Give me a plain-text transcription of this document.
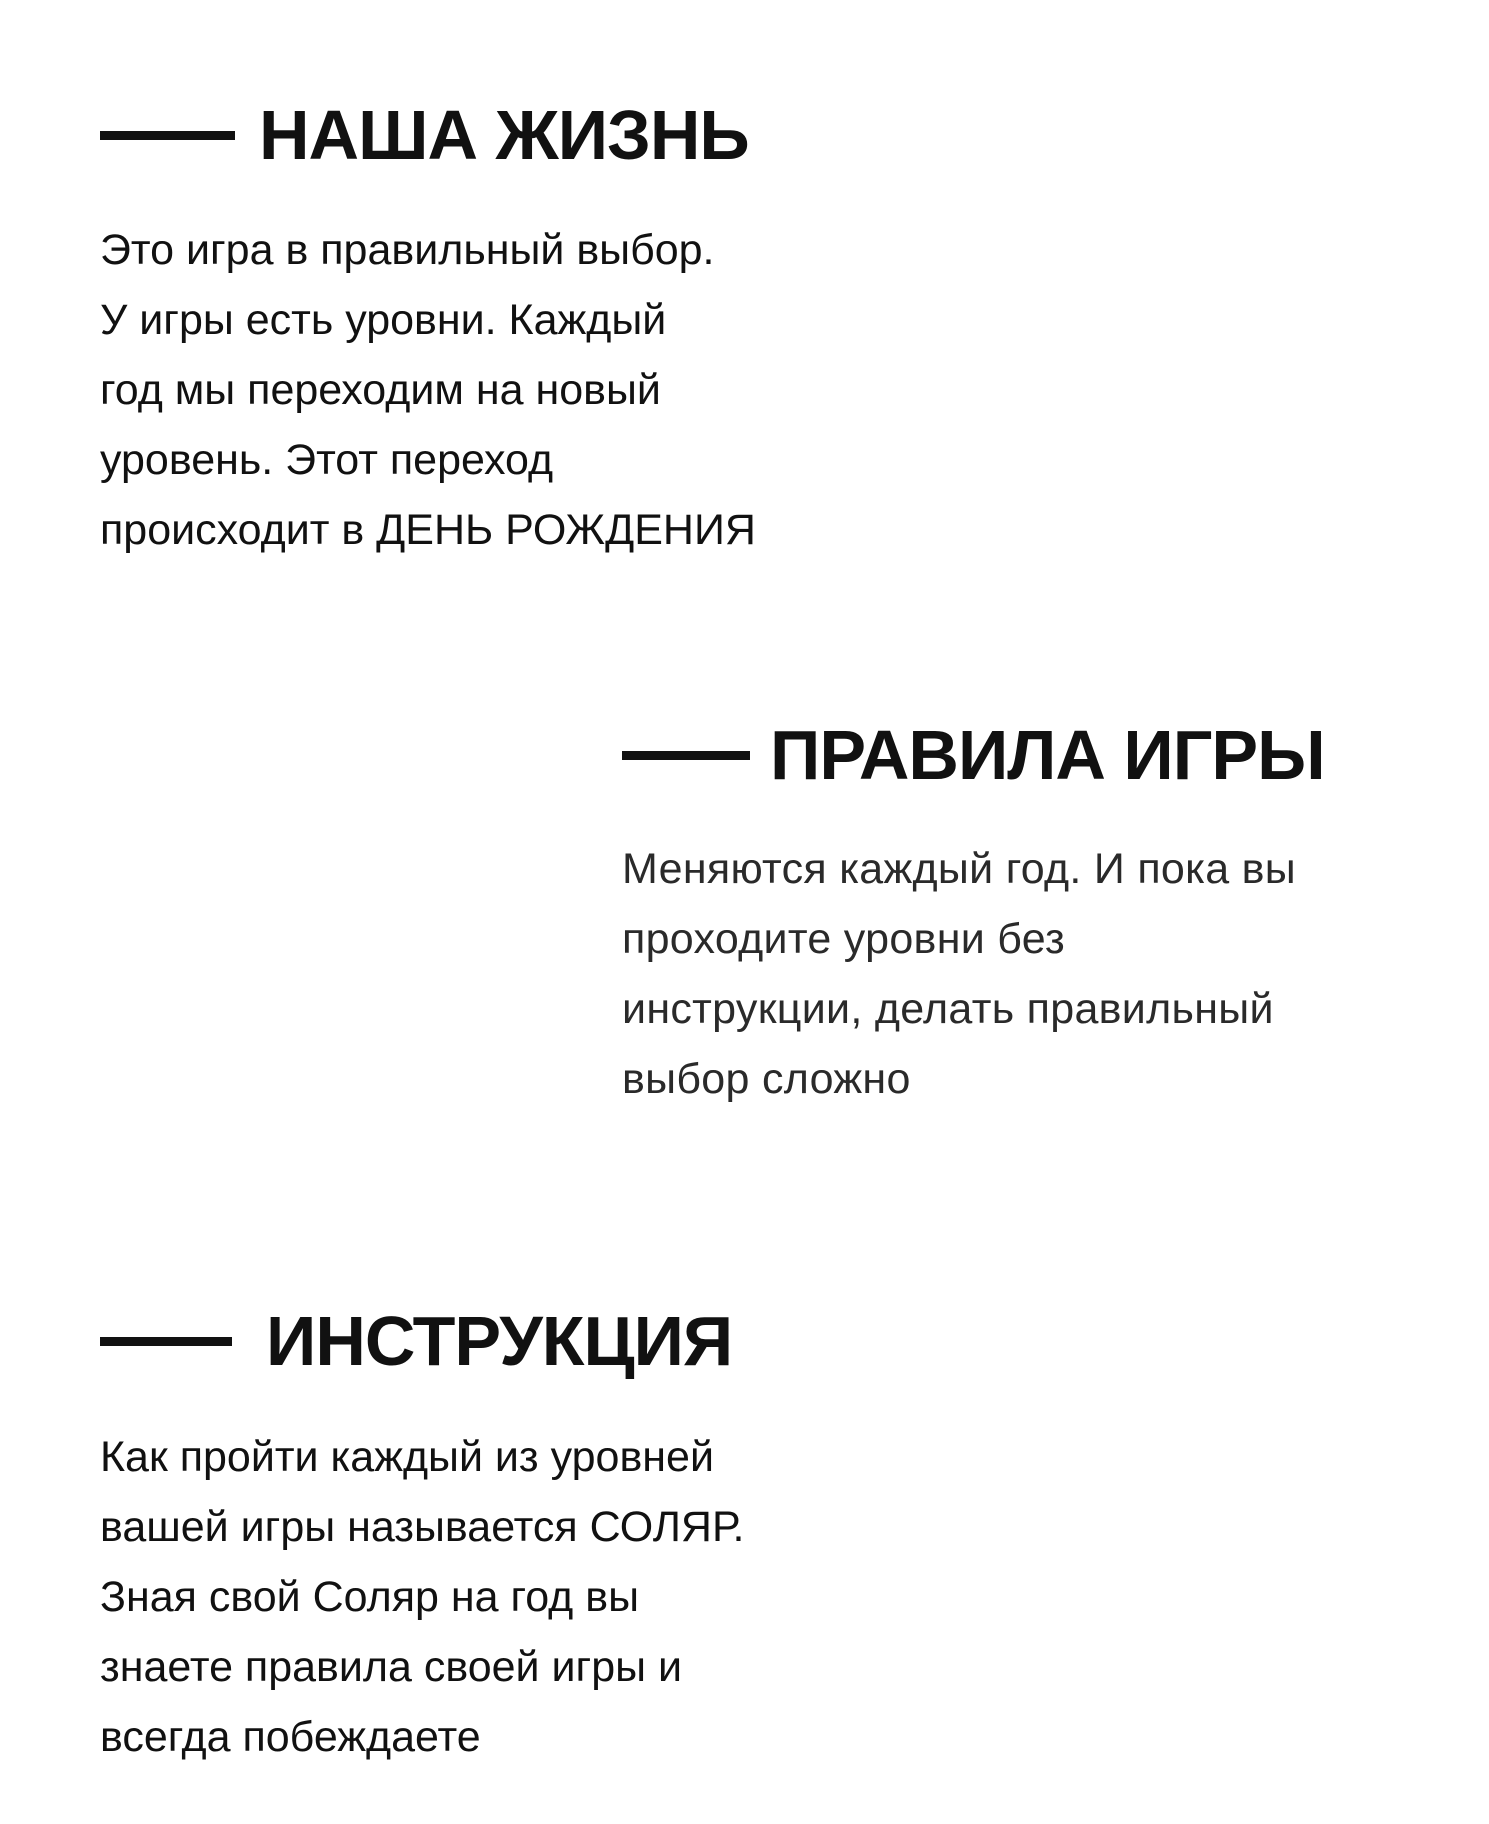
НАША ЖИЗНЬ

Это игра в правильный выбор.
У игры есть уровни. Каждый
год мы переходим на новый
уровень. Этот переход
происходит в ДЕНЬ РОЖДЕНИЯ

ПРАВИЛА ИГРЫ

Меняются каждый год. И пока вы
проходите уровни без
инструкции, делать правильный
выбор сложно

ИНСТРУКЦИЯ

Как пройти каждый из уровней
вашей игры называется СОЛЯР.
Зная свой Соляр на год вы
знаете правила своей игры и
всегда побеждаете
